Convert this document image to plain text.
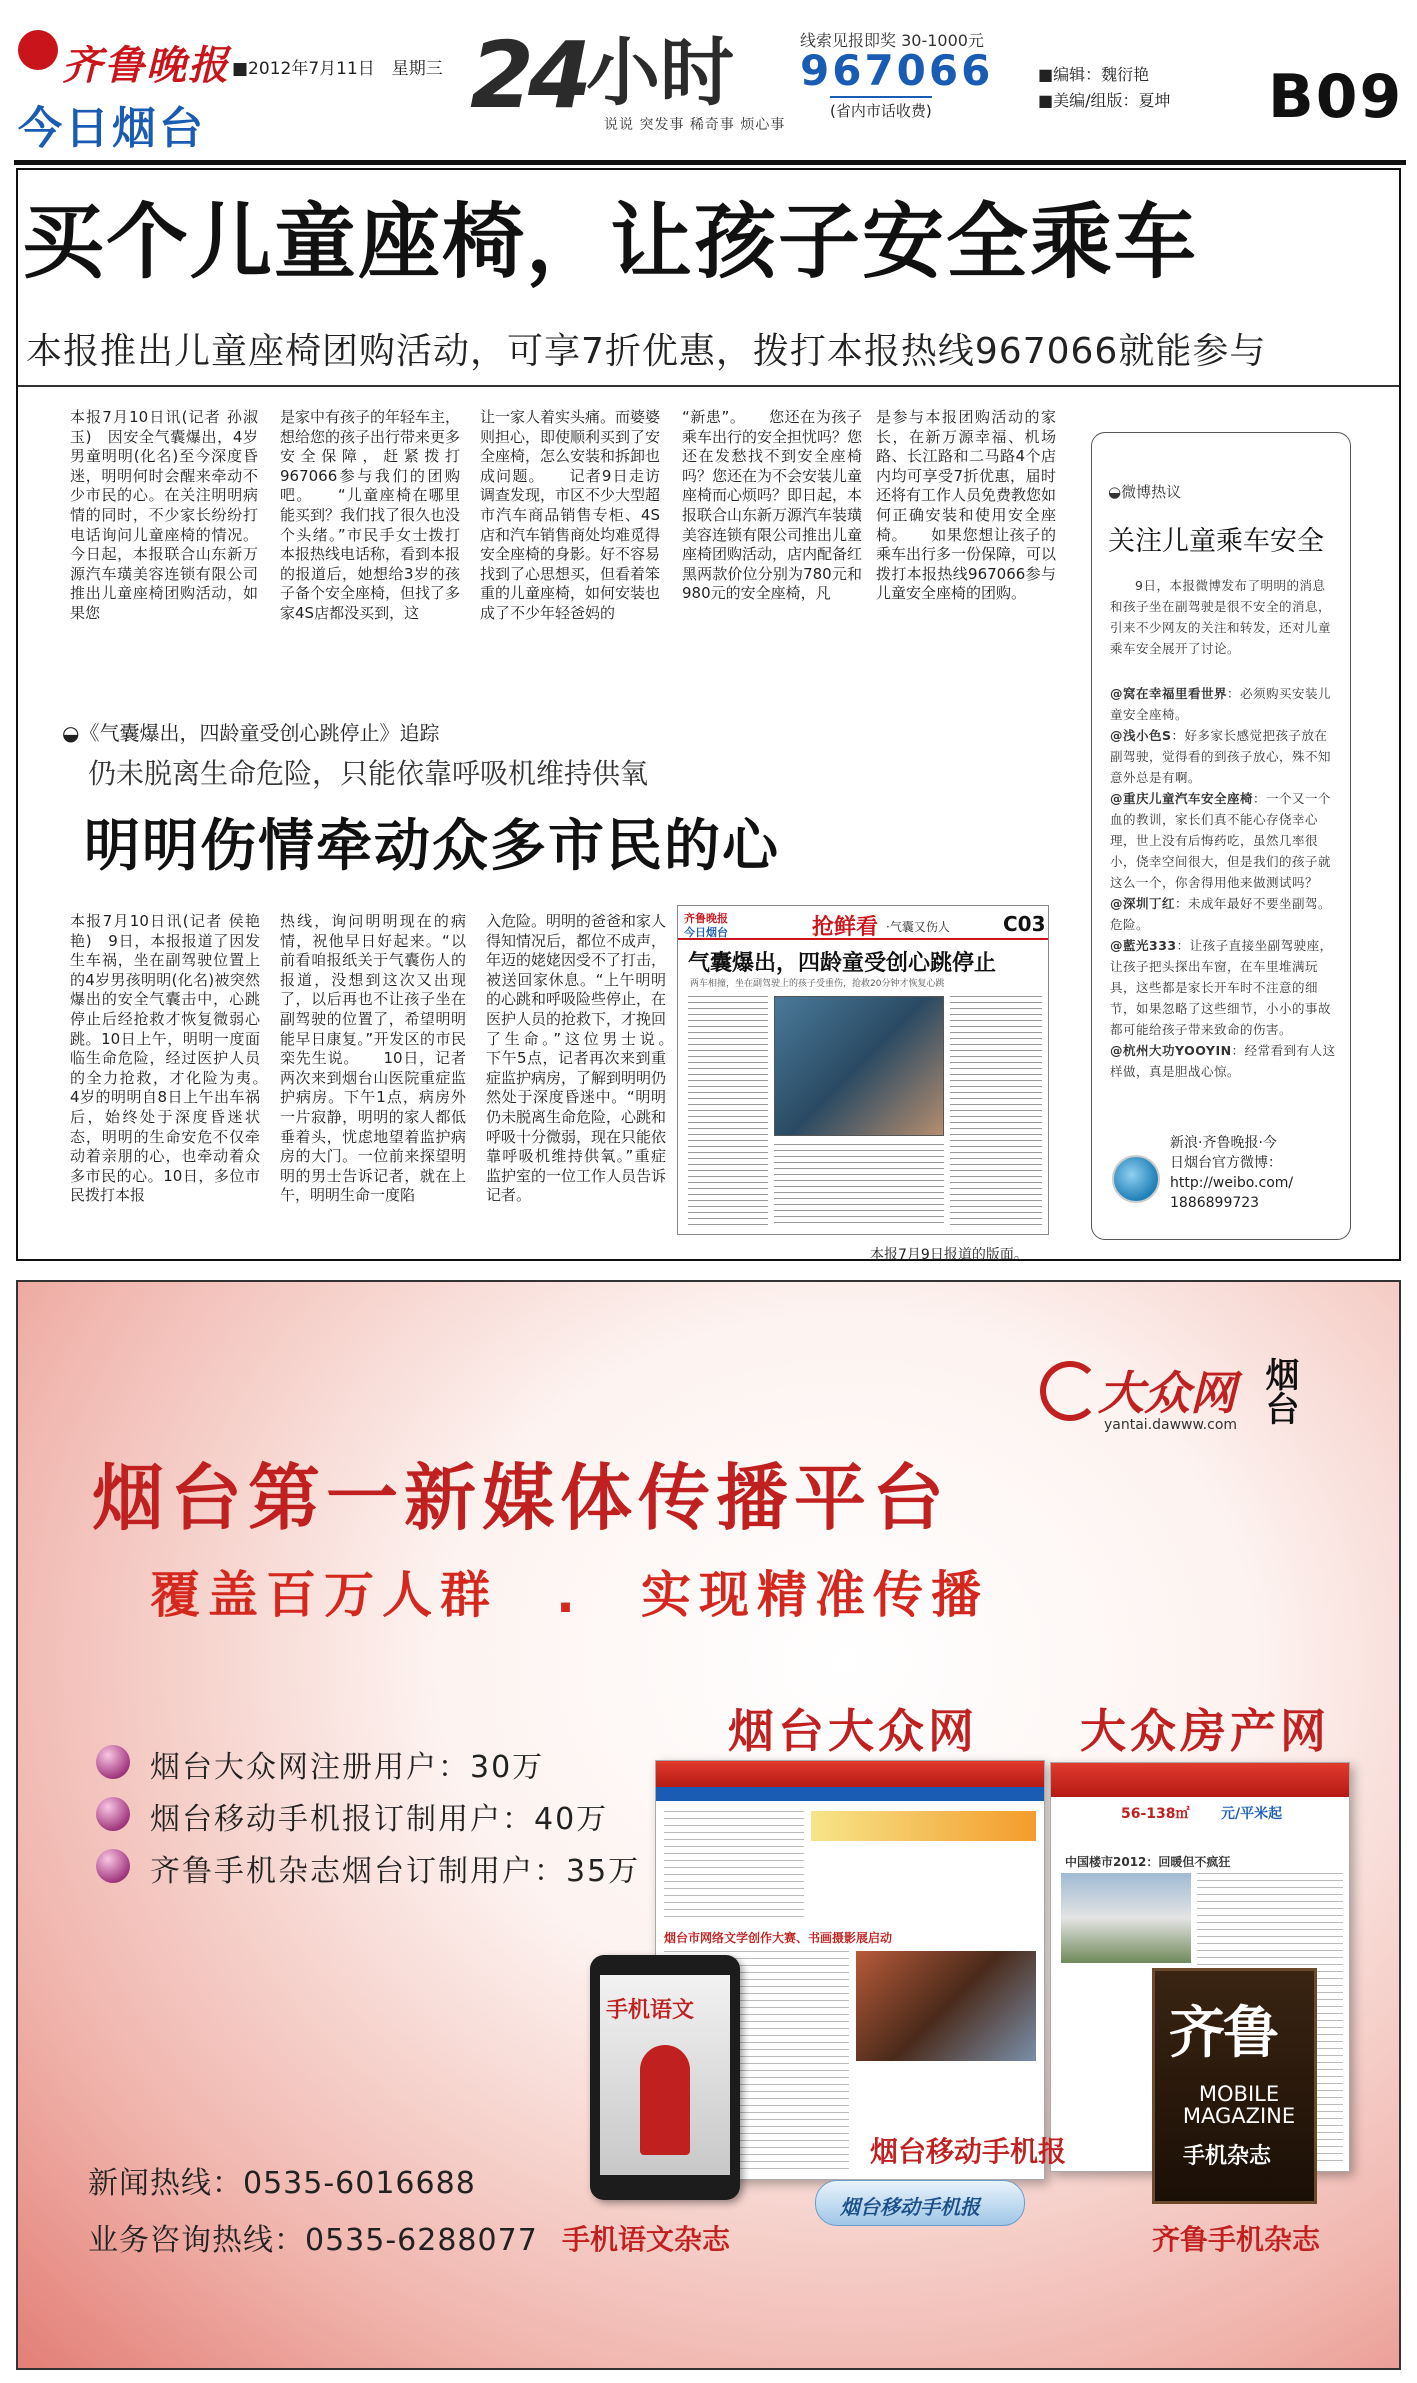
齐鲁晚报
今日烟台
■2012年7月11日　星期三 24 小时
说说 突发事 稀奇事 烦心事
线索见报即奖 30-1000元
967066
(省内市话收费)
■编辑：魏衍艳
■美编/组版：夏坤 B09
买个儿童座椅，让孩子安全乘车
本报推出儿童座椅团购活动，可享7折优惠，拨打本报热线967066就能参与
本报7月10日讯(记者 孙淑玉)　因安全气囊爆出，4岁男童明明(化名)至今深度昏迷，明明何时会醒来牵动不少市民的心。在关注明明病情的同时，不少家长纷纷打电话询问儿童座椅的情况。今日起，本报联合山东新万源汽车璜美容连锁有限公司推出儿童座椅团购活动，如果您
是家中有孩子的年轻车主，想给您的孩子出行带来更多安全保障，赶紧拨打967066参与我们的团购吧。　　“儿童座椅在哪里能买到？我们找了很久也没个头绪。”市民手女士拨打本报热线电话称，看到本报的报道后，她想给3岁的孩子备个安全座椅，但找了多家4S店都没买到，这
让一家人着实头痛。而婆婆则担心，即使顺利买到了安全座椅，怎么安装和拆卸也成问题。　　记者9日走访调查发现，市区不少大型超市汽车商品销售专柜、4S店和汽车销售商处均难觅得安全座椅的身影。好不容易找到了心思想买，但看着笨重的儿童座椅，如何安装也成了不少年轻爸妈的
“新患”。　　您还在为孩子乘车出行的安全担忧吗？您还在发愁找不到安全座椅吗？您还在为不会安装儿童座椅而心烦吗？即日起，本报联合山东新万源汽车装璜美容连锁有限公司推出儿童座椅团购活动，店内配备红黑两款价位分别为780元和980元的安全座椅，凡
是参与本报团购活动的家长，在新万源幸福、机场路、长江路和二马路4个店内均可享受7折优惠，届时还将有工作人员免费教您如何正确安装和使用安全座椅。　　如果您想让孩子的乘车出行多一份保障，可以拨打本报热线967066参与儿童安全座椅的团购。
◒《气囊爆出，四龄童受创心跳停止》追踪
仍未脱离生命危险，只能依靠呼吸机维持供氧
明明伤情牵动众多市民的心
本报7月10日讯(记者 侯艳艳)　9日，本报报道了因发生车祸，坐在副驾驶位置上的4岁男孩明明(化名)被突然爆出的安全气囊击中，心跳停止后经抢救才恢复微弱心跳。10日上午，明明一度面临生命危险，经过医护人员的全力抢救，才化险为夷。　　4岁的明明自8日上午出车祸后，始终处于深度昏迷状态，明明的生命安危不仅牵动着亲朋的心，也牵动着众多市民的心。10日，多位市民拨打本报
热线，询问明明现在的病情，祝他早日好起来。“以前看咱报纸关于气囊伤人的报道，没想到这次又出现了，以后再也不让孩子坐在副驾驶的位置了，希望明明能早日康复。”开发区的市民栾先生说。　　10日，记者两次来到烟台山医院重症监护病房。下午1点，病房外一片寂静，明明的家人都低垂着头，忧虑地望着监护病房的大门。一位前来探望明明的男士告诉记者，就在上午，明明生命一度陷
入危险。明明的爸爸和家人得知情况后，都位不成声，年迈的姥姥因受不了打击，被送回家休息。“上午明明的心跳和呼吸险些停止，在医护人员的抢救下，才挽回了生命。”这位男士说。　　下午5点，记者再次来到重症监护病房，了解到明明仍然处于深度昏迷中。“明明仍未脱离生命危险，心跳和呼吸十分微弱，现在只能依靠呼吸机维持供氧。”重症监护室的一位工作人员告诉记者。
齐鲁晚报
今日烟台	抢鲜看 ·气囊又伤人	C03
气囊爆出，四龄童受创心跳停止
两车相撞，坐在副驾驶上的孩子受重伤，抢救20分钟才恢复心跳
本报7月9日报道的版面。
◒微博热议
关注儿童乘车安全
9日，本报微博发布了明明的消息和孩子坐在副驾驶是很不安全的消息，引来不少网友的关注和转发，还对儿童乘车安全展开了讨论。

@窝在幸福里看世界：必须购买安装儿童安全座椅。

@浅小色S：好多家长感觉把孩子放在副驾驶，觉得看的到孩子放心，殊不知意外总是有啊。

@重庆儿童汽车安全座椅：一个又一个血的教训，家长们真不能心存侥幸心理，世上没有后悔药吃，虽然几率很小，侥幸空间很大，但是我们的孩子就这么一个，你舍得用他来做测试吗？

@深圳丁红：未成年最好不要坐副驾。危险。

@藍光333：让孩子直接坐副驾驶座，让孩子把头探出车窗，在车里堆满玩具，这些都是家长开车时不注意的细节，如果忽略了这些细节，小小的事故都可能给孩子带来致命的伤害。

@杭州大功YOOYIN：经常看到有人这样做，真是胆战心惊。

新浪·齐鲁晚报·今
日烟台官方微博：
http://weibo.com/
1886899723
大众网
yantai.dawww.com 烟台
烟台第一新媒体传播平台
覆盖百万人群　.　实现精准传播
烟台大众网注册用户：30万
烟台移动手机报订制用户：40万
齐鲁手机杂志烟台订制用户：35万
烟台大众网 大众房产网
烟台市网络文学创作大赛、书画摄影展启动
56-138㎡ 元/平米起
中国楼市2012：回暖但不疯狂
手机语文	齐鲁
MOBILE MAGAZINE
手机杂志
烟台移动手机报
手机语文杂志
烟台移动手机报
齐鲁手机杂志
新闻热线：0535-6016688
业务咨询热线：0535-6288077
